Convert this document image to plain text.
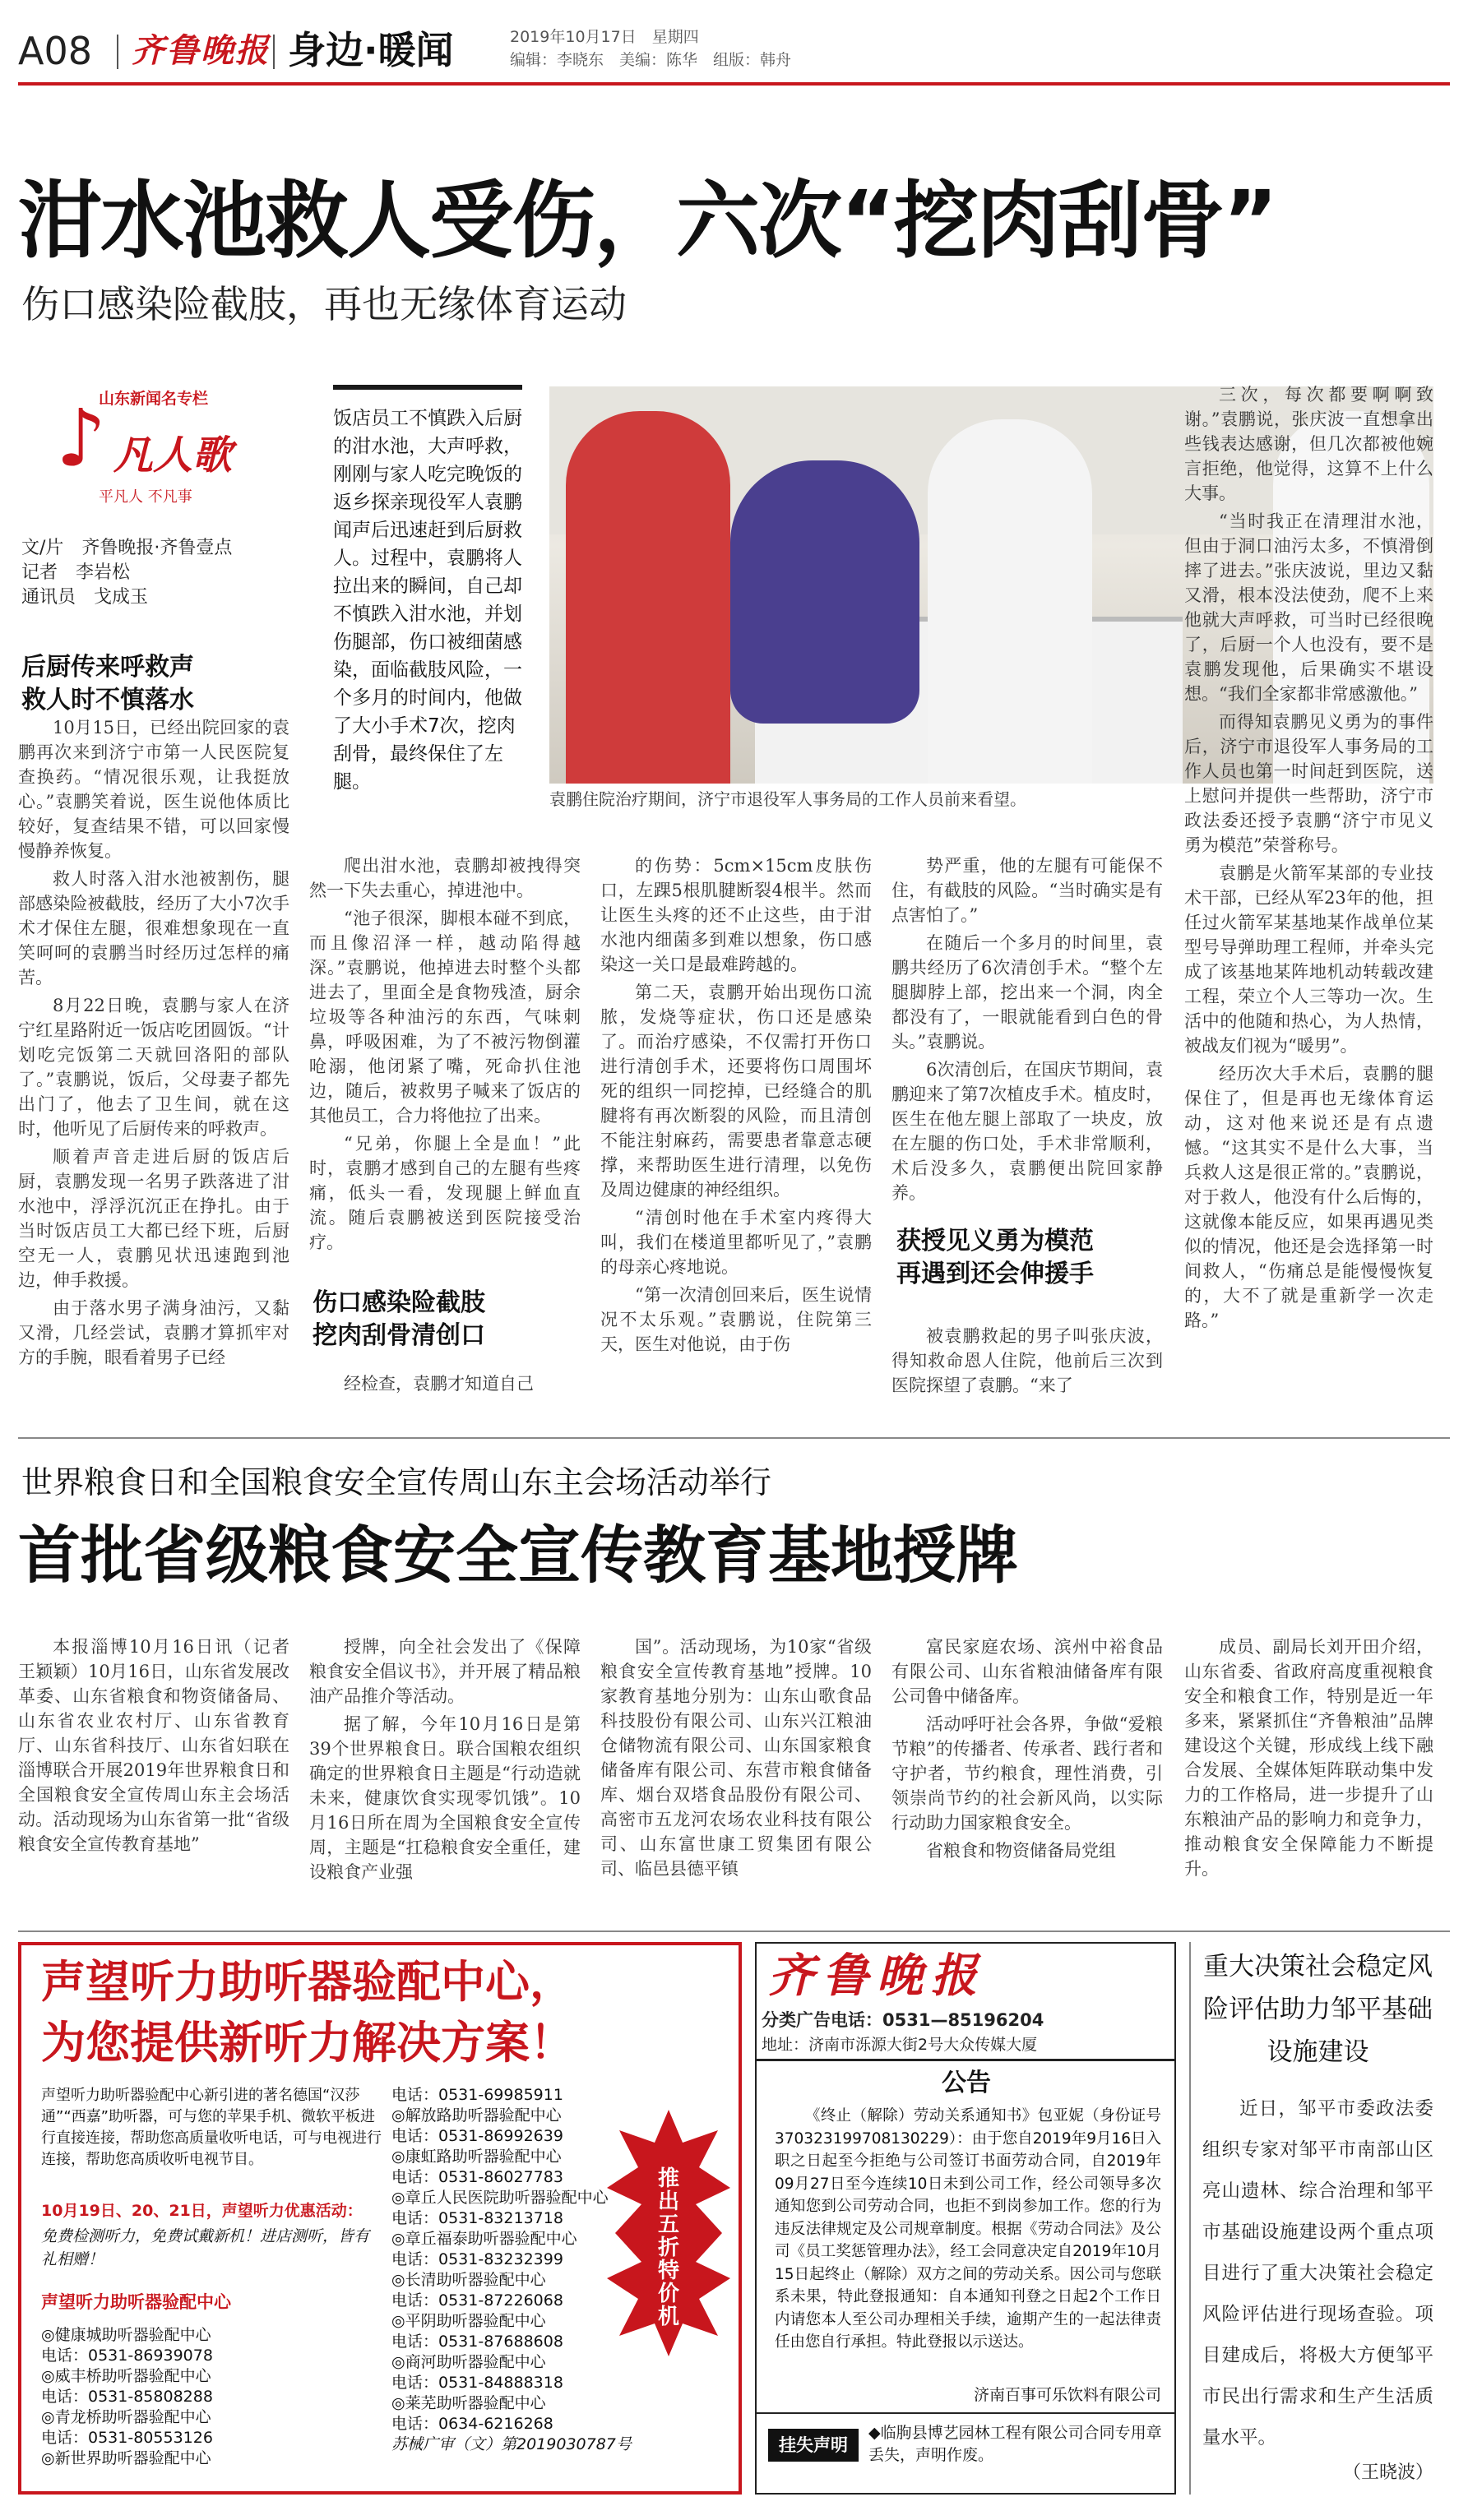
A08 齐鲁晚报 身边·暖闻	2019年10月17日　星期四
编辑：李晓东　美编：陈华　组版：韩舟
泔水池救人受伤，六次“挖肉刮骨”
伤口感染险截肢，再也无缘体育运动
山东新闻名专栏
♪ 凡人歌
平凡人 不凡事
文/片　齐鲁晚报·齐鲁壹点
记者　李岩松
通讯员　戈成玉
后厨传来呼救声
救人时不慎落水
饭店员工不慎跌入后厨的泔水池，大声呼救，刚刚与家人吃完晚饭的返乡探亲现役军人袁鹏闻声后迅速赶到后厨救人。过程中，袁鹏将人拉出来的瞬间，自己却不慎跌入泔水池，并划伤腿部，伤口被细菌感染，面临截肢风险，一个多月的时间内，他做了大小手术7次，挖肉刮骨，最终保住了左腿。
袁鹏住院治疗期间，济宁市退役军人事务局的工作人员前来看望。

10月15日，已经出院回家的袁鹏再次来到济宁市第一人民医院复查换药。“情况很乐观，让我挺放心。”袁鹏笑着说，医生说他体质比较好，复查结果不错，可以回家慢慢静养恢复。

救人时落入泔水池被割伤，腿部感染险被截肢，经历了大小7次手术才保住左腿，很难想象现在一直笑呵呵的袁鹏当时经历过怎样的痛苦。

8月22日晚，袁鹏与家人在济宁红星路附近一饭店吃团圆饭。“计划吃完饭第二天就回洛阳的部队了。”袁鹏说，饭后，父母妻子都先出门了，他去了卫生间，就在这时，他听见了后厨传来的呼救声。

顺着声音走进后厨的饭店后厨，袁鹏发现一名男子跌落进了泔水池中，浮浮沉沉正在挣扎。由于当时饭店员工大都已经下班，后厨空无一人，袁鹏见状迅速跑到池边，伸手救援。

由于落水男子满身油污，又黏又滑，几经尝试，袁鹏才算抓牢对方的手腕，眼看着男子已经

爬出泔水池，袁鹏却被拽得突然一下失去重心，掉进池中。

“池子很深，脚根本碰不到底，而且像沼泽一样，越动陷得越深。”袁鹏说，他掉进去时整个头都进去了，里面全是食物残渣，厨余垃圾等各种油污的东西，气味刺鼻，呼吸困难，为了不被污物倒灌呛溺，他闭紧了嘴，死命扒住池边，随后，被救男子喊来了饭店的其他员工，合力将他拉了出来。

“兄弟，你腿上全是血！”此时，袁鹏才感到自己的左腿有些疼痛，低头一看，发现腿上鲜血直流。随后袁鹏被送到医院接受治疗。

伤口感染险截肢
挖肉刮骨清创口

经检查，袁鹏才知道自己

的伤势：5cm×15cm皮肤伤口，左踝5根肌腱断裂4根半。然而让医生头疼的还不止这些，由于泔水池内细菌多到难以想象，伤口感染这一关口是最难跨越的。

第二天，袁鹏开始出现伤口流脓，发烧等症状，伤口还是感染了。而治疗感染，不仅需打开伤口进行清创手术，还要将伤口周围坏死的组织一同挖掉，已经缝合的肌腱将有再次断裂的风险，而且清创不能注射麻药，需要患者靠意志硬撑，来帮助医生进行清理，以免伤及周边健康的神经组织。

“清创时他在手术室内疼得大叫，我们在楼道里都听见了，”袁鹏的母亲心疼地说。

“第一次清创回来后，医生说情况不太乐观。”袁鹏说，住院第三天，医生对他说，由于伤

势严重，他的左腿有可能保不住，有截肢的风险。“当时确实是有点害怕了。”

在随后一个多月的时间里，袁鹏共经历了6次清创手术。“整个左腿脚脖上部，挖出来一个洞，肉全都没有了，一眼就能看到白色的骨头。”袁鹏说。

6次清创后，在国庆节期间，袁鹏迎来了第7次植皮手术。植皮时，医生在他左腿上部取了一块皮，放在左腿的伤口处，手术非常顺利，术后没多久，袁鹏便出院回家静养。

获授见义勇为模范
再遇到还会伸援手

被袁鹏救起的男子叫张庆波，得知救命恩人住院，他前后三次到医院探望了袁鹏。“来了

三次，每次都要啊啊致谢。”袁鹏说，张庆波一直想拿出些钱表达感谢，但几次都被他婉言拒绝，他觉得，这算不上什么大事。

“当时我正在清理泔水池，但由于洞口油污太多，不慎滑倒摔了进去。”张庆波说，里边又黏又滑，根本没法使劲，爬不上来他就大声呼救，可当时已经很晚了，后厨一个人也没有，要不是袁鹏发现他，后果确实不堪设想。“我们全家都非常感激他。”

而得知袁鹏见义勇为的事件后，济宁市退役军人事务局的工作人员也第一时间赶到医院，送上慰问并提供一些帮助，济宁市政法委还授予袁鹏“济宁市见义勇为模范”荣誉称号。

袁鹏是火箭军某部的专业技术干部，已经从军23年的他，担任过火箭军某基地某作战单位某型号导弹助理工程师，并牵头完成了该基地某阵地机动转载改建工程，荣立个人三等功一次。生活中的他随和热心，为人热情，被战友们视为“暖男”。

经历次大手术后，袁鹏的腿保住了，但是再也无缘体育运动，这对他来说还是有点遗憾。“这其实不是什么大事，当兵救人这是很正常的。”袁鹏说，对于救人，他没有什么后悔的，这就像本能反应，如果再遇见类似的情况，他还是会选择第一时间救人，“伤痛总是能慢慢恢复的，大不了就是重新学一次走路。”

世界粮食日和全国粮食安全宣传周山东主会场活动举行
首批省级粮食安全宣传教育基地授牌

本报淄博10月16日讯（记者　王颖颖）10月16日，山东省发展改革委、山东省粮食和物资储备局、山东省农业农村厅、山东省教育厅、山东省科技厅、山东省妇联在淄博联合开展2019年世界粮食日和全国粮食安全宣传周山东主会场活动。活动现场为山东省第一批“省级粮食安全宣传教育基地”

授牌，向全社会发出了《保障粮食安全倡议书》，并开展了精品粮油产品推介等活动。

据了解，今年10月16日是第39个世界粮食日。联合国粮农组织确定的世界粮食日主题是“行动造就未来，健康饮食实现零饥饿”。10月16日所在周为全国粮食安全宣传周，主题是“扛稳粮食安全重任，建设粮食产业强

国”。活动现场，为10家“省级粮食安全宣传教育基地”授牌。10家教育基地分别为：山东山歌食品科技股份有限公司、山东兴江粮油仓储物流有限公司、山东国家粮食储备库有限公司、东营市粮食储备库、烟台双塔食品股份有限公司、高密市五龙河农场农业科技有限公司、山东富世康工贸集团有限公司、临邑县德平镇

富民家庭农场、滨州中裕食品有限公司、山东省粮油储备库有限公司鲁中储备库。

活动呼吁社会各界，争做“爱粮节粮”的传播者、传承者、践行者和守护者，节约粮食，理性消费，引领崇尚节约的社会新风尚，以实际行动助力国家粮食安全。

省粮食和物资储备局党组

成员、副局长刘开田介绍，山东省委、省政府高度重视粮食安全和粮食工作，特别是近一年多来，紧紧抓住“齐鲁粮油”品牌建设这个关键，形成线上线下融合发展、全媒体矩阵联动集中发力的工作格局，进一步提升了山东粮油产品的影响力和竞争力，推动粮食安全保障能力不断提升。

声望听力助听器验配中心，
为您提供新听力解决方案！
声望听力助听器验配中心新引进的著名德国“汉莎通”“西嘉”助听器，可与您的苹果手机、微软平板进行直接连接，帮助您高质量收听电话，可与电视进行连接，帮助您高质收听电视节目。
10月19日、20、21日，声望听力优惠活动：
免费检测听力，免费试戴新机！进店测听，皆有礼相赠！
声望听力助听器验配中心
◎健康城助听器验配中心
电话：0531-86939078
◎威丰桥助听器验配中心
电话：0531-85808288
◎青龙桥助听器验配中心
电话：0531-80553126
◎新世界助听器验配中心
电话：0531-69985911
◎解放路助听器验配中心
电话：0531-86992639
◎康虹路助听器验配中心
电话：0531-86027783
◎章丘人民医院助听器验配中心
电话：0531-83213718
◎章丘福泰助听器验配中心
电话：0531-83232399
◎长清助听器验配中心
电话：0531-87226068
◎平阴助听器验配中心
电话：0531-87688608
◎商河助听器验配中心
电话：0531-84888318
◎莱芜助听器验配中心
电话：0634-6216268
苏械广审（文）第2019030787号
推出五折特价机
齐鲁晚报
分类广告电话：0531—85196204
地址：济南市泺源大街2号大众传媒大厦
公告
《终止（解除）劳动关系通知书》包亚妮（身份证号37032319970813022​9）：由于您自2019年9月16日入职之日起至今拒绝与公司签订书面劳动合同，自2019年09月27日至今连续10日未到公司工作，经公司领导多次通知您到公司劳动合同，也拒不到岗参加工作。您的行为违反法律规定及公司规章制度。根据《劳动合同法》及公司《员工奖惩管理办法》，经工会同意决定自2019年10月15日起终止（解除）双方之间的劳动关系。因公司与您联系未果，特此登报通知：自本通知刊登之日起2个工作日内请您本人至公司办理相关手续，逾期产生的一起法律责任由您自行承担。特此登报以示送达。
济南百事可乐饮料有限公司
挂失声明
◆临朐县博艺园林工程有限公司合同专用章丢失，声明作废。
重大决策社会稳定风险评估助力邹平基础设施建设
近日，邹平市委政法委组织专家对邹平市南部山区亮山遗林、综合治理和邹平市基础设施建设两个重点项目进行了重大决策社会稳定风险评估进行现场查验。项目建成后，将极大方便邹平市民出行需求和生产生活质量水平。
（王晓波）
